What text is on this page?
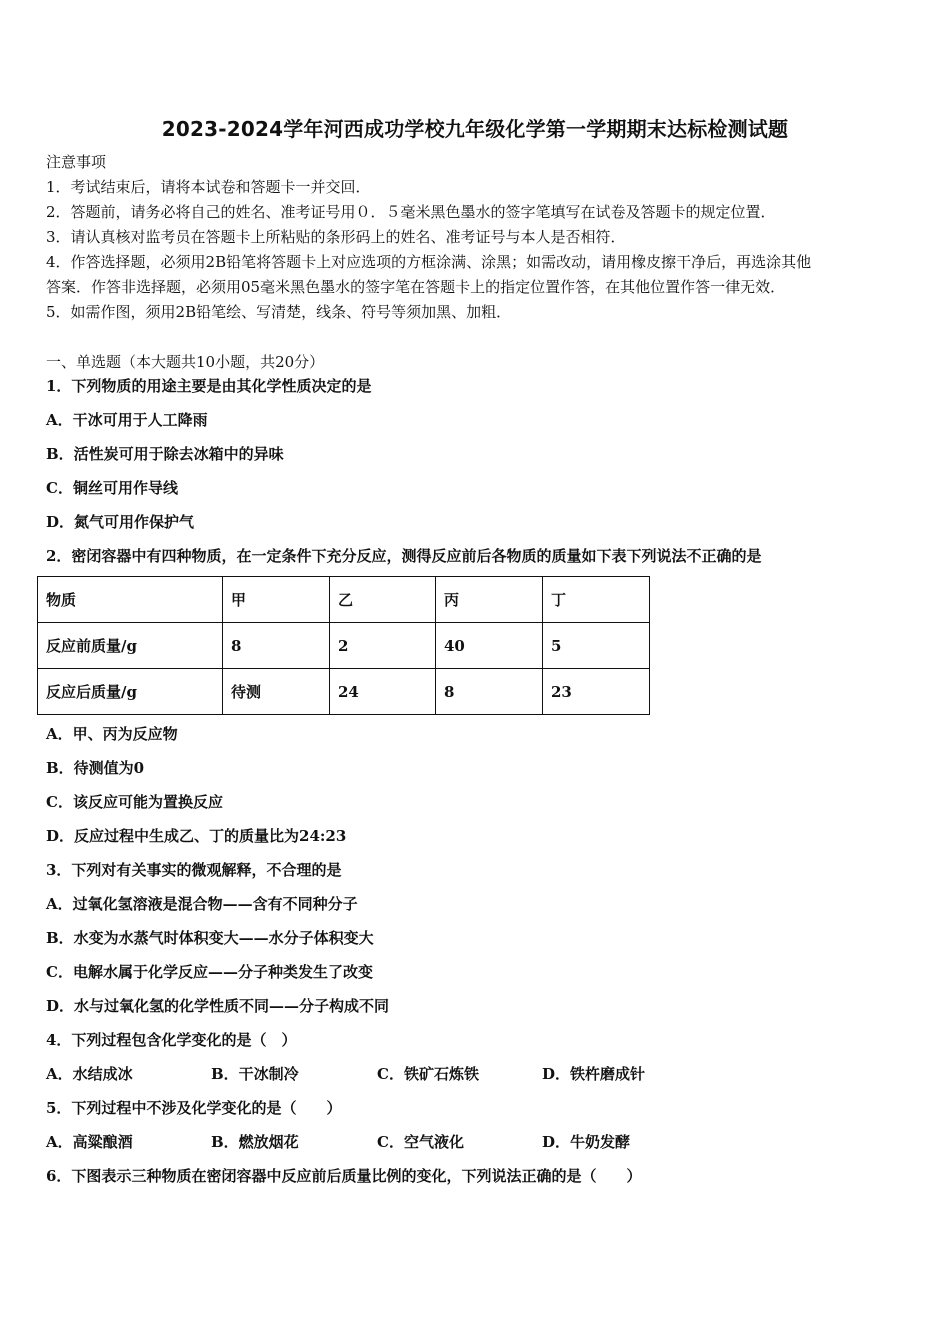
2023-2024学年河西成功学校九年级化学第一学期期末达标检测试题
注意事项
1．考试结束后，请将本试卷和答题卡一并交回．
2．答题前，请务必将自己的姓名、准考证号用０．５毫米黑色墨水的签字笔填写在试卷及答题卡的规定位置．
3．请认真核对监考员在答题卡上所粘贴的条形码上的姓名、准考证号与本人是否相符．
4．作答选择题，必须用2B铅笔将答题卡上对应选项的方框涂满、涂黑；如需改动，请用橡皮擦干净后，再选涂其他
答案．作答非选择题，必须用05毫米黑色墨水的签字笔在答题卡上的指定位置作答，在其他位置作答一律无效．
5．如需作图，须用2B铅笔绘、写清楚，线条、符号等须加黑、加粗．
一、单选题（本大题共10小题，共20分）
1．下列物质的用途主要是由其化学性质决定的是
A．干冰可用于人工降雨
B．活性炭可用于除去冰箱中的异味
C．铜丝可用作导线
D．氮气可用作保护气
2．密闭容器中有四种物质，在一定条件下充分反应，测得反应前后各物质的质量如下表下列说法不正确的是
物质	甲	乙	丙	丁
反应前质量/g	8	2	40	5
反应后质量/g	待测	24	8	23
A．甲、丙为反应物
B．待测值为0
C．该反应可能为置换反应
D．反应过程中生成乙、丁的质量比为24:23
3．下列对有关事实的微观解释，不合理的是
A．过氧化氢溶液是混合物——含有不同种分子
B．水变为水蒸气时体积变大——水分子体积变大
C．电解水属于化学反应——分子种类发生了改变
D．水与过氧化氢的化学性质不同——分子构成不同
4．下列过程包含化学变化的是（　）
A．水结成冰	B．干冰制冷	C．铁矿石炼铁	D．铁杵磨成针
5．下列过程中不涉及化学变化的是（　　）
A．高粱酿酒	B．燃放烟花	C．空气液化	D．牛奶发酵
6．下图表示三种物质在密闭容器中反应前后质量比例的变化，下列说法正确的是（　　）
